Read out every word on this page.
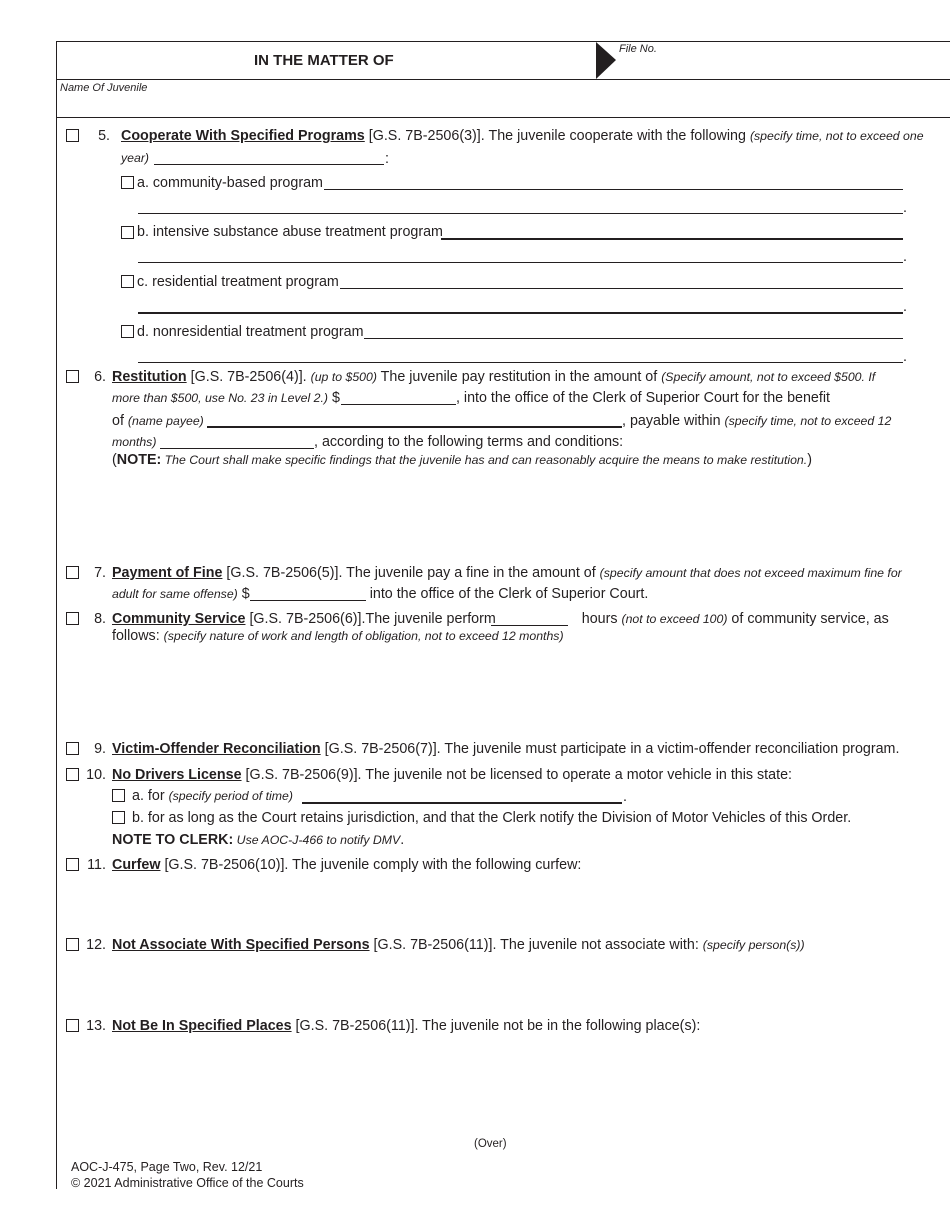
IN THE MATTER OF
File No.
Name Of Juvenile
5. Cooperate With Specified Programs [G.S. 7B-2506(3)]. The juvenile cooperate with the following (specify time, not to exceed one
year)	:
a. community-based program
.
b. intensive substance abuse treatment program
.
c. residential treatment program
.
d. nonresidential treatment program
.
6. Restitution [G.S. 7B-2506(4)]. (up to $500) The juvenile pay restitution in the amount of (Specify amount, not to exceed $500. If
more than $500, use No. 23 in Level 2.) $	, into the office of the Clerk of Superior Court for the benefit
of (name payee)	, payable within (specify time, not to exceed 12
months)	, according to the following terms and conditions:
(NOTE: The Court shall make specific findings that the juvenile has and can reasonably acquire the means to make restitution.)
7. Payment of Fine [G.S. 7B-2506(5)]. The juvenile pay a fine in the amount of (specify amount that does not exceed maximum fine for
adult for same offense) $	into the office of the Clerk of Superior Court.
8. Community Service [G.S. 7B-2506(6)].The juvenile perform	hours (not to exceed 100) of community service, as
follows: (specify nature of work and length of obligation, not to exceed 12 months)
9. Victim-Offender Reconciliation [G.S. 7B-2506(7)]. The juvenile must participate in a victim-offender reconciliation program.
10. No Drivers License [G.S. 7B-2506(9)]. The juvenile not be licensed to operate a motor vehicle in this state:
a. for (specify period of time)	.
b. for as long as the Court retains jurisdiction, and that the Clerk notify the Division of Motor Vehicles of this Order.
NOTE TO CLERK: Use AOC-J-466 to notify DMV.
11. Curfew [G.S. 7B-2506(10)]. The juvenile comply with the following curfew:
12. Not Associate With Specified Persons [G.S. 7B-2506(11)]. The juvenile not associate with: (specify person(s))
13. Not Be In Specified Places [G.S. 7B-2506(11)]. The juvenile not be in the following place(s):
(Over)
AOC-J-475, Page Two, Rev. 12/21
© 2021 Administrative Office of the Courts
